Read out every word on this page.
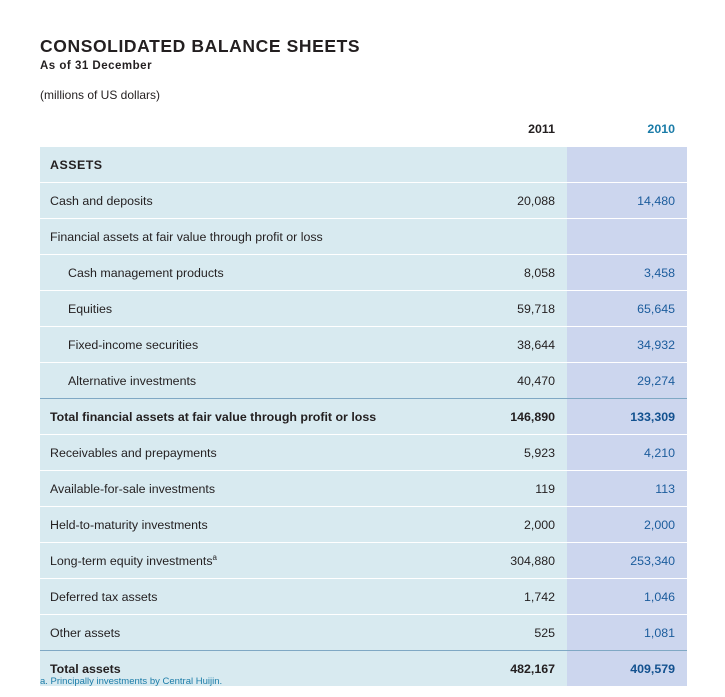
CONSOLIDATED BALANCE SHEETS
As of 31 December
(millions of US dollars)
	2011	2010
ASSETS		
Cash and deposits	20,088	14,480
Financial assets at fair value through profit or loss		
Cash management products	8,058	3,458
Equities	59,718	65,645
Fixed-income securities	38,644	34,932
Alternative investments	40,470	29,274
Total financial assets at fair value through profit or loss	146,890	133,309
Receivables and prepayments	5,923	4,210
Available-for-sale investments	119	113
Held-to-maturity investments	2,000	2,000
Long-term equity investments$^a$	304,880	253,340
Deferred tax assets	1,742	1,046
Other assets	525	1,081
Total assets	482,167	409,579
a. Principally investments by Central Huijin.
